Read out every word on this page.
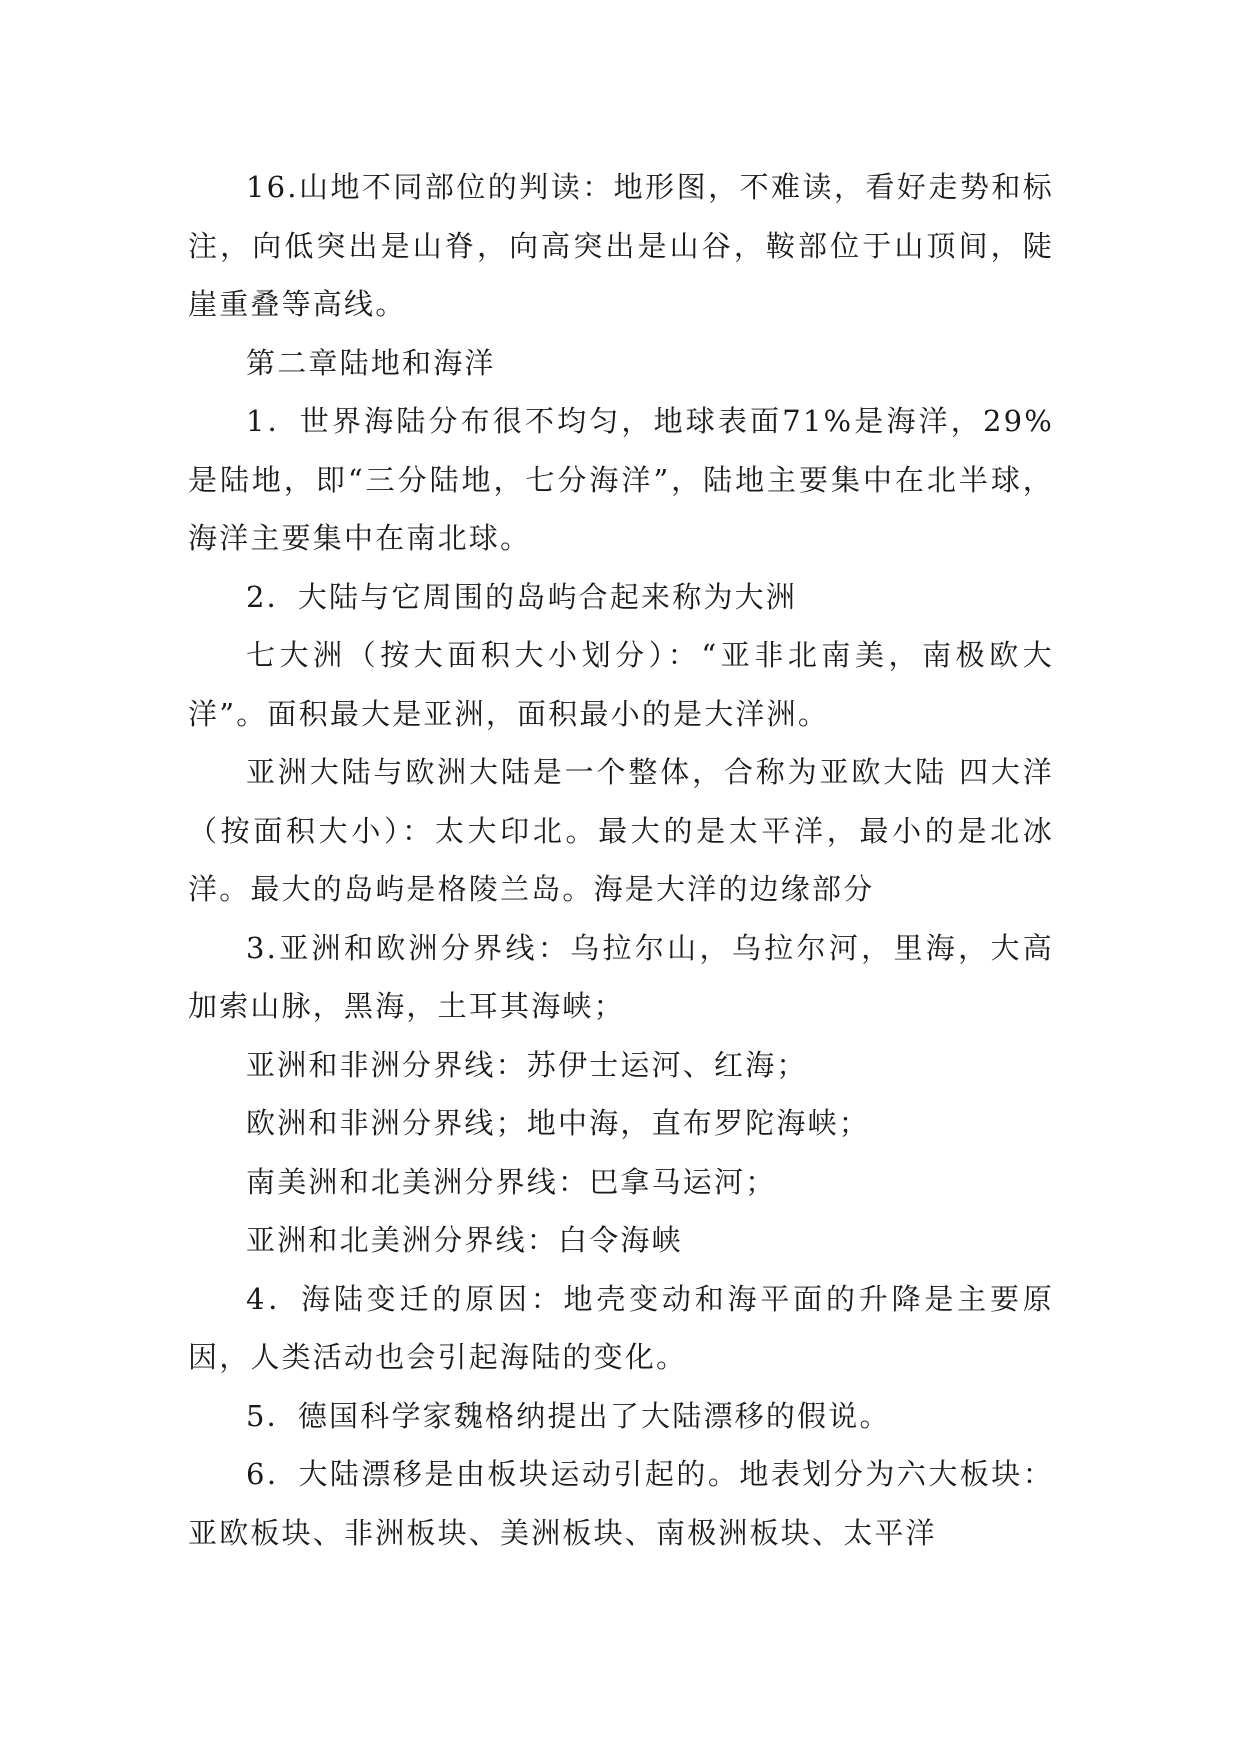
16.山地不同部位的判读：地形图，不难读，看好走势和标注，向低突出是山脊，向高突出是山谷，鞍部位于山顶间，陡崖重叠等高线。

第二章陆地和海洋

1．世界海陆分布很不均匀，地球表面71%是海洋，29%是陆地，即“三分陆地，七分海洋”，陆地主要集中在北半球，海洋主要集中在南北球。

2．大陆与它周围的岛屿合起来称为大洲

七大洲（按大面积大小划分）：“亚非北南美，南极欧大洋”。面积最大是亚洲，面积最小的是大洋洲。

亚洲大陆与欧洲大陆是一个整体，合称为亚欧大陆 四大洋（按面积大小）：太大印北。最大的是太平洋，最小的是北冰洋。最大的岛屿是格陵兰岛。海是大洋的边缘部分

3.亚洲和欧洲分界线：乌拉尔山，乌拉尔河，里海，大高加索山脉，黑海，土耳其海峡；

亚洲和非洲分界线：苏伊士运河、红海；

欧洲和非洲分界线；地中海，直布罗陀海峡；

南美洲和北美洲分界线：巴拿马运河；

亚洲和北美洲分界线：白令海峡

4．海陆变迁的原因：地壳变动和海平面的升降是主要原因，人类活动也会引起海陆的变化。

5．德国科学家魏格纳提出了大陆漂移的假说。

6．大陆漂移是由板块运动引起的。地表划分为六大板块：亚欧板块、非洲板块、美洲板块、南极洲板块、太平洋
